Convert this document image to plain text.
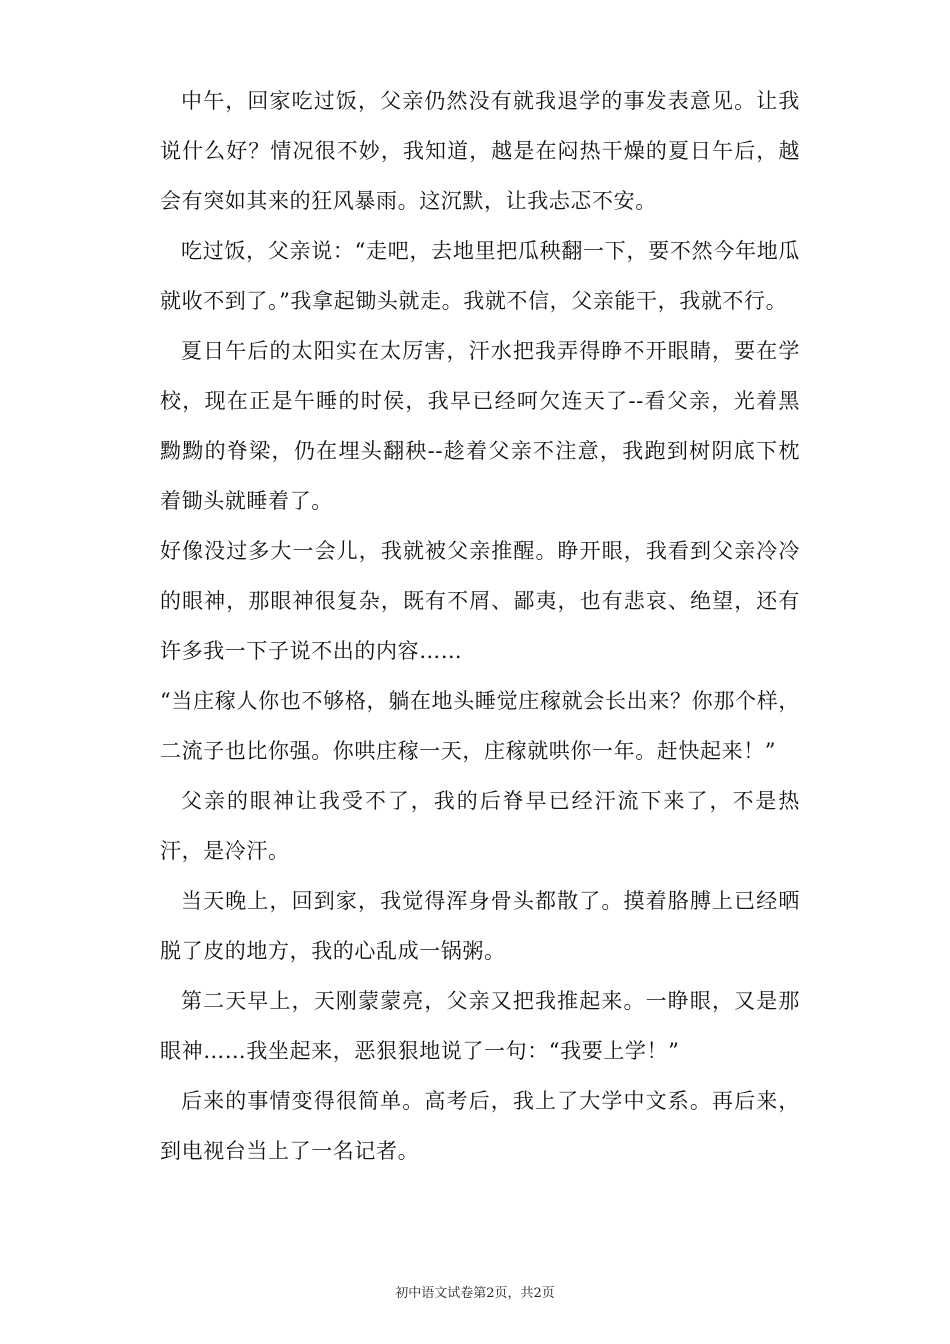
中午，回家吃过饭，父亲仍然没有就我退学的事发表意见。让我说什么好？情况很不妙，我知道，越是在闷热干燥的夏日午后，越会有突如其来的狂风暴雨。这沉默，让我忐忑不安。

吃过饭，父亲说：“走吧，去地里把瓜秧翻一下，要不然今年地瓜就收不到了。”我拿起锄头就走。我就不信，父亲能干，我就不行。

夏日午后的太阳实在太厉害，汗水把我弄得睁不开眼睛，要在学校，现在正是午睡的时侯，我早已经呵欠连天了--看父亲，光着黑黝黝的脊梁，仍在埋头翻秧--趁着父亲不注意，我跑到树阴底下枕着锄头就睡着了。

好像没过多大一会儿，我就被父亲推醒。睁开眼，我看到父亲冷冷的眼神，那眼神很复杂，既有不屑、鄙夷，也有悲哀、绝望，还有许多我一下子说不出的内容……

“当庄稼人你也不够格，躺在地头睡觉庄稼就会长出来？你那个样，二流子也比你强。你哄庄稼一天，庄稼就哄你一年。赶快起来！”

父亲的眼神让我受不了，我的后脊早已经汗流下来了，不是热汗，是冷汗。

当天晚上，回到家，我觉得浑身骨头都散了。摸着胳膊上已经晒脱了皮的地方，我的心乱成一锅粥。

第二天早上，天刚蒙蒙亮，父亲又把我推起来。一睁眼，又是那眼神……我坐起来，恶狠狠地说了一句：“我要上学！”

后来的事情变得很简单。高考后，我上了大学中文系。再后来，到电视台当上了一名记者。

初中语文试卷第2页，共2页
